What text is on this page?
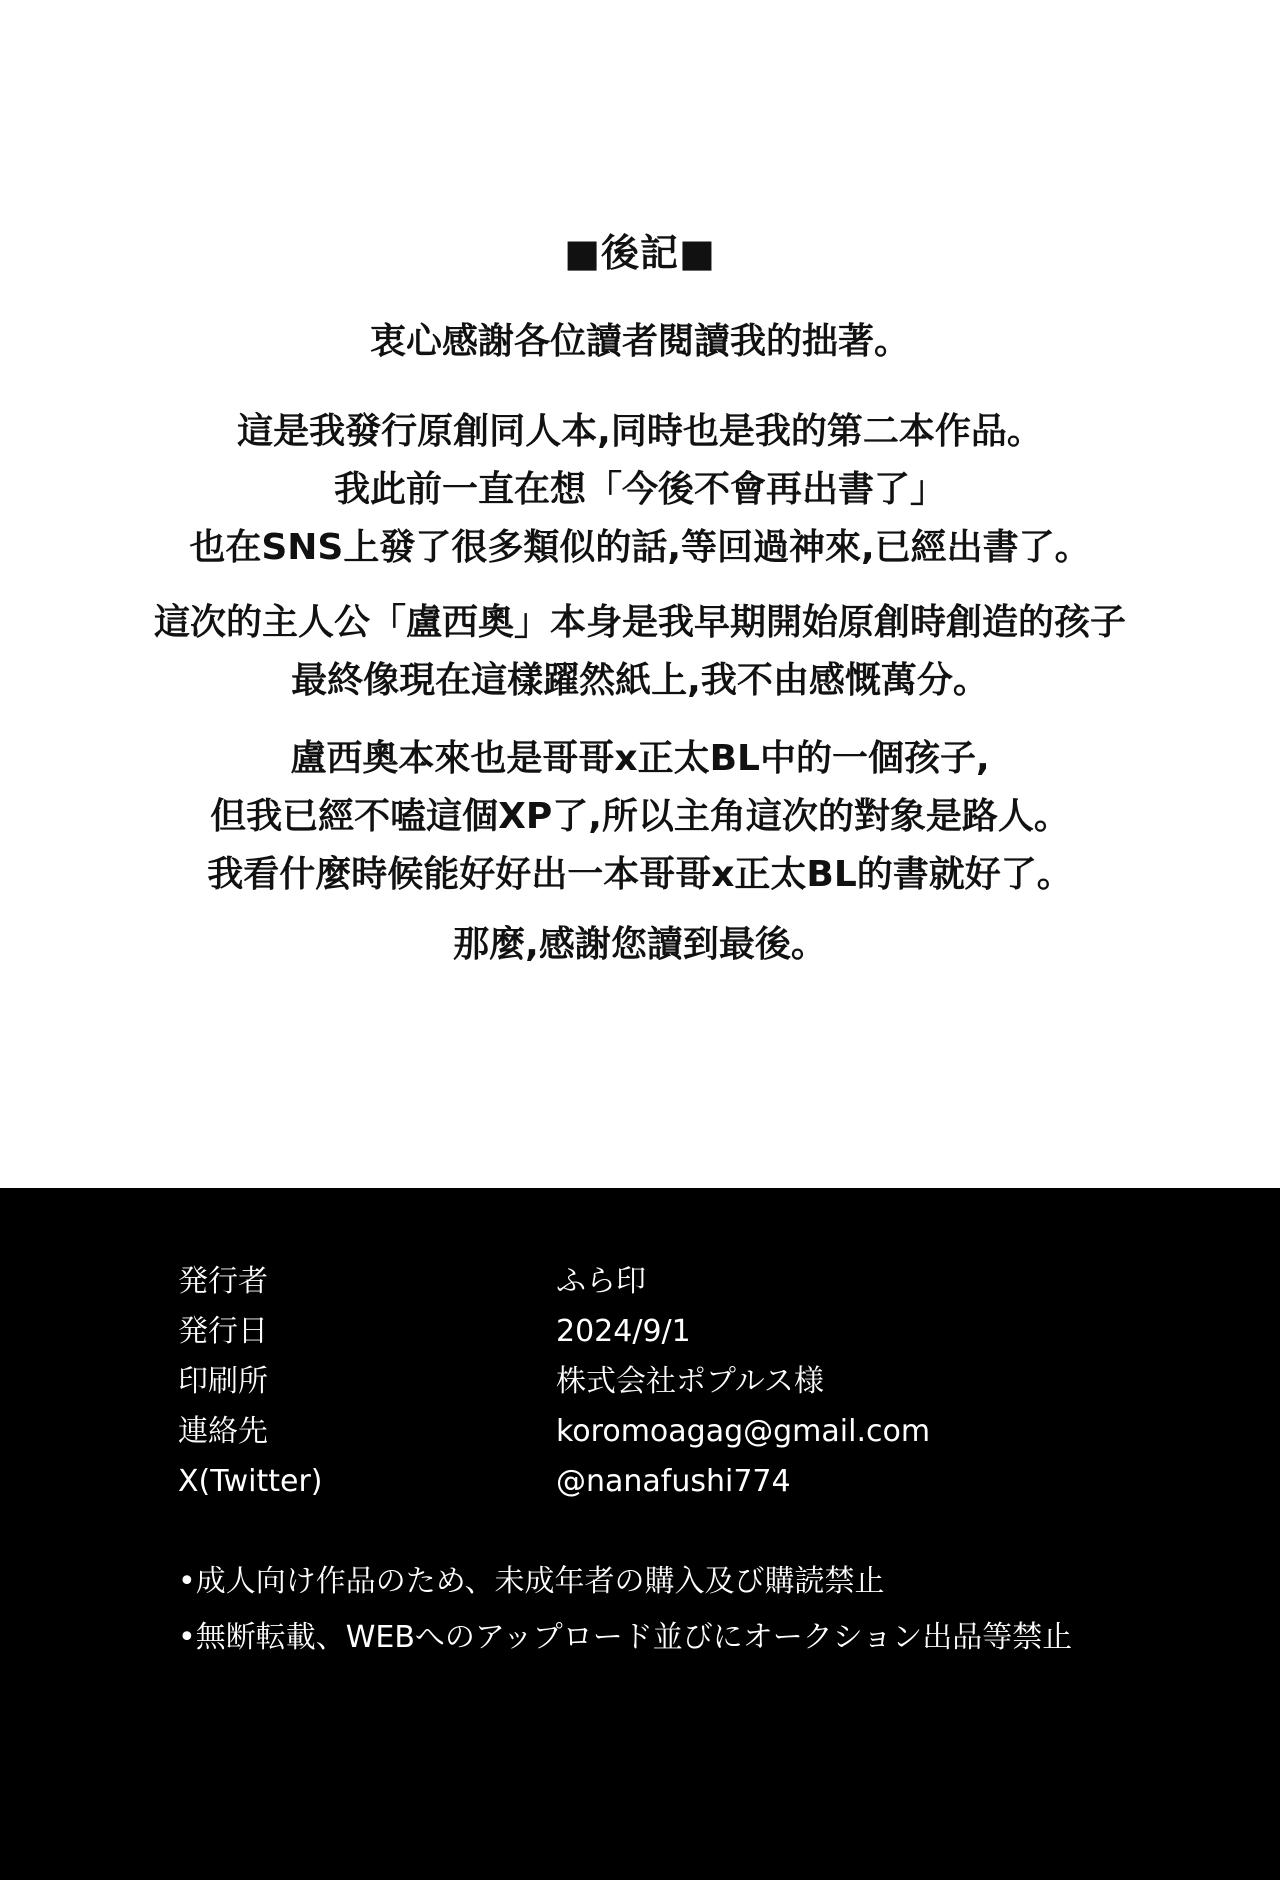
■後記■
衷心感謝各位讀者閱讀我的拙著。
這是我發行原創同人本,同時也是我的第二本作品。
我此前一直在想「今後不會再出書了」
也在SNS上發了很多類似的話,等回過神來,已經出書了。
這次的主人公「盧西奧」本身是我早期開始原創時創造的孩子
最終像現在這樣躍然紙上,我不由感慨萬分。
盧西奧本來也是哥哥x正太BL中的一個孩子,
但我已經不嗑這個XP了,所以主角這次的對象是路人。
我看什麼時候能好好出一本哥哥x正太BL的書就好了。
那麼,感謝您讀到最後。
発行者	ふら印
発行日	2024/9/1
印刷所	株式会社ポプルス様
連絡先	koromoagag@gmail.com
X(Twitter)	@nanafushi774
•成人向け作品のため、未成年者の購入及び購読禁止
•無断転載、WEBへのアップロード並びにオークション出品等禁止
